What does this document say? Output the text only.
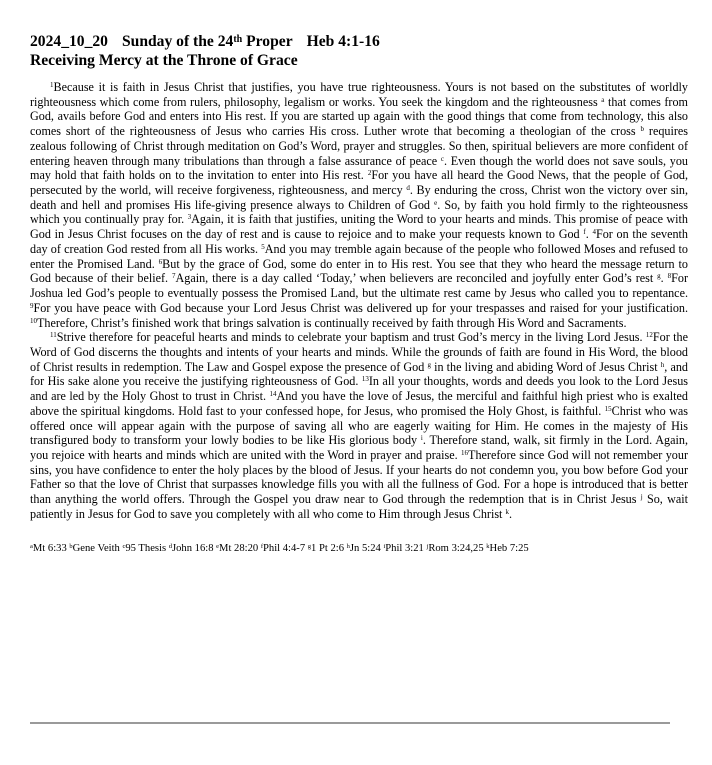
2024_10_20 Sunday of the 24th Proper Heb 4:1-16
Receiving Mercy at the Throne of Grace

$^1$Because it is faith in Jesus Christ that justifies, you have true righteousness. Yours is not based on the substitutes of worldly righteousness which come from rulers, philosophy, legalism or works. You seek the kingdom and the righteousness $^a$ that comes from God, avails before God and enters into His rest. If you are started up again with the good things that come from technology, this also comes short of the righteousness of Jesus who carries His cross. Luther wrote that becoming a theologian of the cross $^b$ requires zealous following of Christ through meditation on God’s Word, prayer and struggles. So then, spiritual believers are more confident of entering heaven through many tribulations than through a false assurance of peace $^c$. Even though the world does not save souls, you may hold that faith holds on to the invitation to enter into His rest. $^2$For you have all heard the Good News, that the people of God, persecuted by the world, will receive forgiveness, righteousness, and mercy $^d$. By enduring the cross, Christ won the victory over sin, death and hell and promises His life-giving presence always to Children of God $^e$. So, by faith you hold firmly to the righteousness which you continually pray for. $^3$Again, it is faith that justifies, uniting the Word to your hearts and minds. This promise of peace with God in Jesus Christ focuses on the day of rest and is cause to rejoice and to make your requests known to God $^f$. $^4$For on the seventh day of creation God rested from all His works. $^5$And you may tremble again because of the people who followed Moses and refused to enter the Promised Land. $^6$But by the grace of God, some do enter in to His rest. You see that they who heard the message return to God because of their belief. $^7$Again, there is a day called ‘Today,’ when believers are reconciled and joyfully enter God’s rest $^g$. $^8$For Joshua led God’s people to eventually possess the Promised Land, but the ultimate rest came by Jesus who called you to repentance. $^9$For you have peace with God because your Lord Jesus Christ was delivered up for your trespasses and raised for your justification. $^{10}$Therefore, Christ’s finished work that brings salvation is continually received by faith through His Word and Sacraments.

$^{11}$Strive therefore for peaceful hearts and minds to celebrate your baptism and trust God’s mercy in the living Lord Jesus. $^{12}$For the Word of God discerns the thoughts and intents of your hearts and minds. While the grounds of faith are found in His Word, the blood of Christ results in redemption. The Law and Gospel expose the presence of God $^g$ in the living and abiding Word of Jesus Christ $^h$, and for His sake alone you receive the justifying righteousness of God. $^{13}$In all your thoughts, words and deeds you look to the Lord Jesus and are led by the Holy Ghost to trust in Christ. $^{14}$And you have the love of Jesus, the merciful and faithful high priest who is exalted above the spiritual kingdoms. Hold fast to your confessed hope, for Jesus, who promised the Holy Ghost, is faithful. $^{15}$Christ who was offered once will appear again with the purpose of saving all who are eagerly waiting for Him. He comes in the majesty of His transfigured body to transform your lowly bodies to be like His glorious body $^i$. Therefore stand, walk, sit firmly in the Lord. Again, you rejoice with hearts and minds which are united with the Word in prayer and praise. $^{16}$Therefore since God will not remember your sins, you have confidence to enter the holy places by the blood of Jesus. If your hearts do not condemn you, you bow before God your Father so that the love of Christ that surpasses knowledge fills you with all the fullness of God. For a hope is introduced that is better than anything the world offers. Through the Gospel you draw near to God through the redemption that is in Christ Jesus $^j$ So, wait patiently in Jesus for God to save you completely with all who come to Him through Jesus Christ $^k$.

$^a$Mt 6:33 $^b$Gene Veith $^c$95 Thesis $^d$John 16:8 $^e$Mt 28:20 $^f$Phil 4:4-7 $^g$1 Pt 2:6 $^h$Jn 5:24 $^i$Phil 3:21 $^j$Rom 3:24,25 $^k$Heb 7:25
